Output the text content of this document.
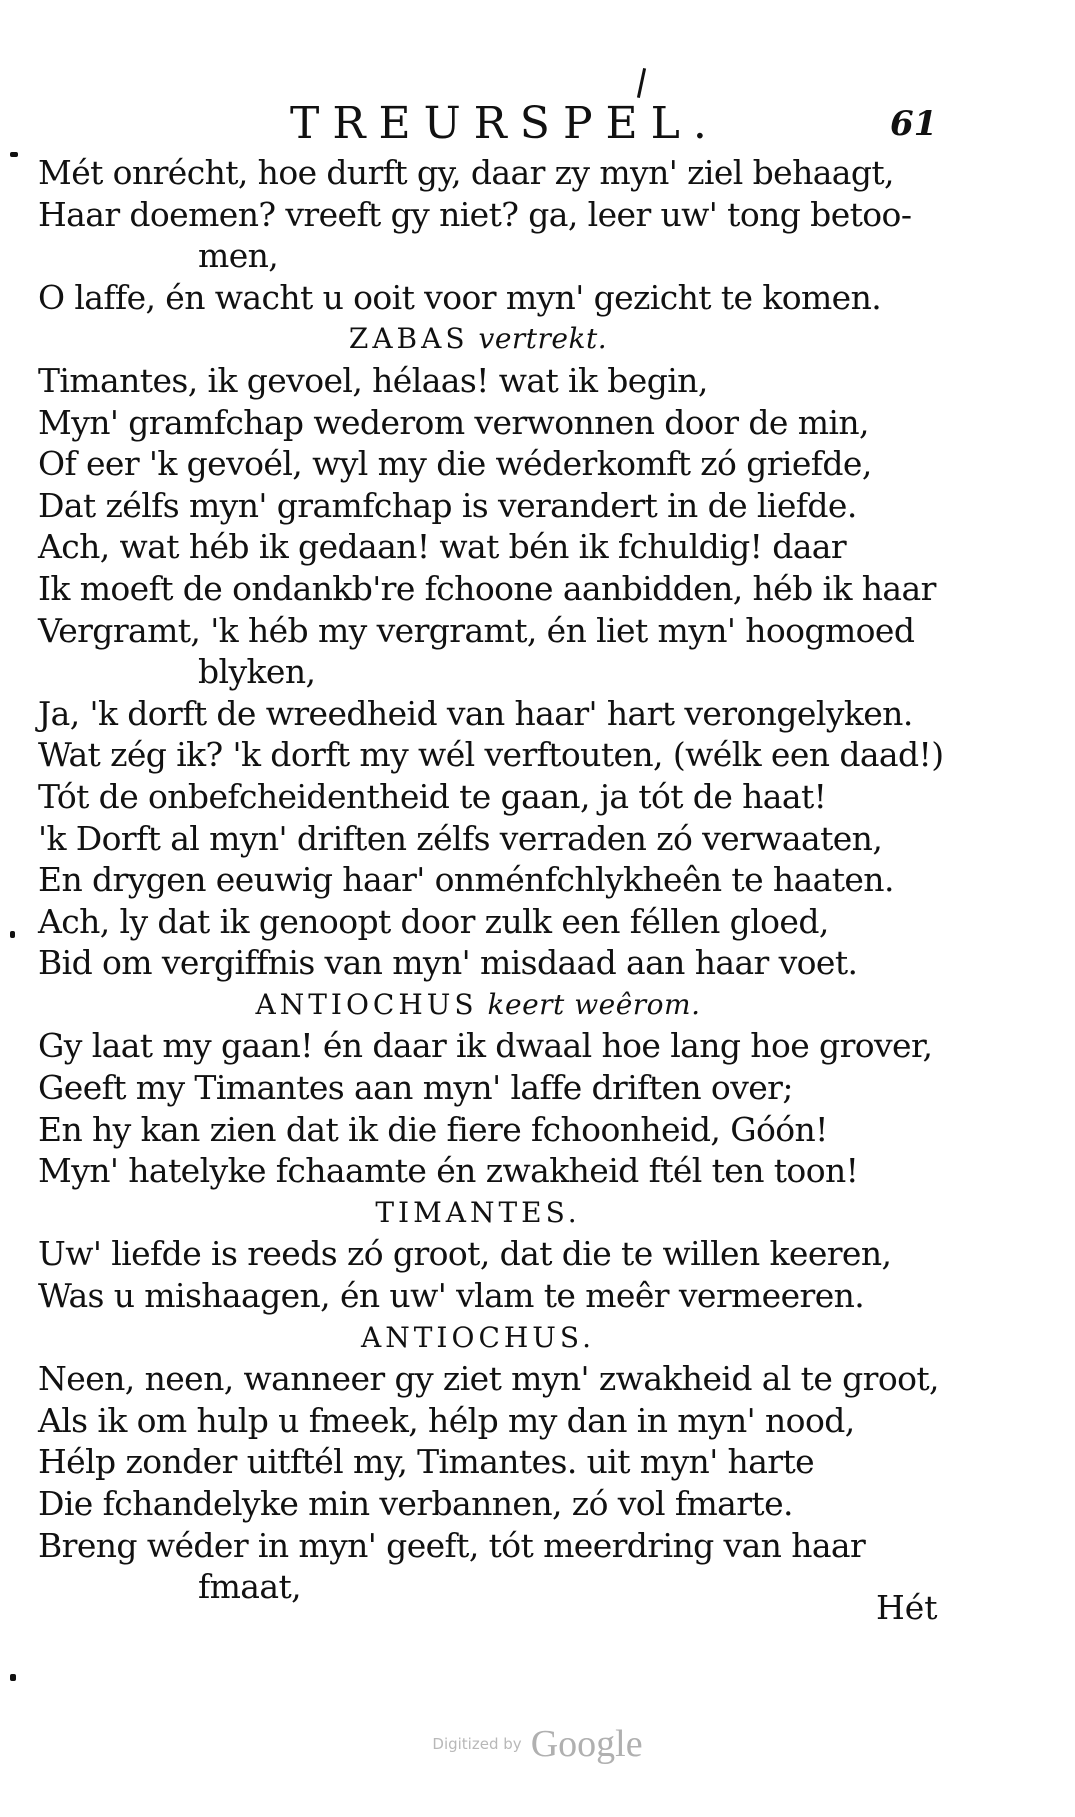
TREURSPEL.	61
Mét onrécht, hoe durft gy, daar zy myn' ziel behaagt,
Haar doemen? vreeft gy niet? ga, leer uw' tong betoo-
men,
O laffe, én wacht u ooit voor myn' gezicht te komen.
ZABAS vertrekt.
Timantes, ik gevoel, hélaas! wat ik begin,
Myn' gramfchap wederom verwonnen door de min,
Of eer 'k gevoél, wyl my die wéderkomft zó griefde,
Dat zélfs myn' gramfchap is verandert in de liefde.
Ach, wat héb ik gedaan! wat bén ik fchuldig! daar
Ik moeft de ondankb're fchoone aanbidden, héb ik haar
Vergramt, 'k héb my vergramt, én liet myn' hoogmoed
blyken,
Ja, 'k dorft de wreedheid van haar' hart verongelyken.
Wat zég ik? 'k dorft my wél verftouten, (wélk een daad!)
Tót de onbefcheidentheid te gaan, ja tót de haat!
'k Dorft al myn' driften zélfs verraden zó verwaaten,
En drygen eeuwig haar' onménfchlykheên te haaten.
Ach, ly dat ik genoopt door zulk een féllen gloed,
Bid om vergiffnis van myn' misdaad aan haar voet.
ANTIOCHUS keert weêrom.
Gy laat my gaan! én daar ik dwaal hoe lang hoe grover,
Geeft my Timantes aan myn' laffe driften over;
En hy kan zien dat ik die fiere fchoonheid, Góón!
Myn' hatelyke fchaamte én zwakheid ftél ten toon!
TIMANTES.
Uw' liefde is reeds zó groot, dat die te willen keeren,
Was u mishaagen, én uw' vlam te meêr vermeeren.
ANTIOCHUS.
Neen, neen, wanneer gy ziet myn' zwakheid al te groot,
Als ik om hulp u fmeek, hélp my dan in myn' nood,
Hélp zonder uitftél my, Timantes. uit myn' harte
Die fchandelyke min verbannen, zó vol fmarte.
Breng wéder in myn' geeft, tót meerdring van haar
fmaat,
Hét
Digitized by Google
